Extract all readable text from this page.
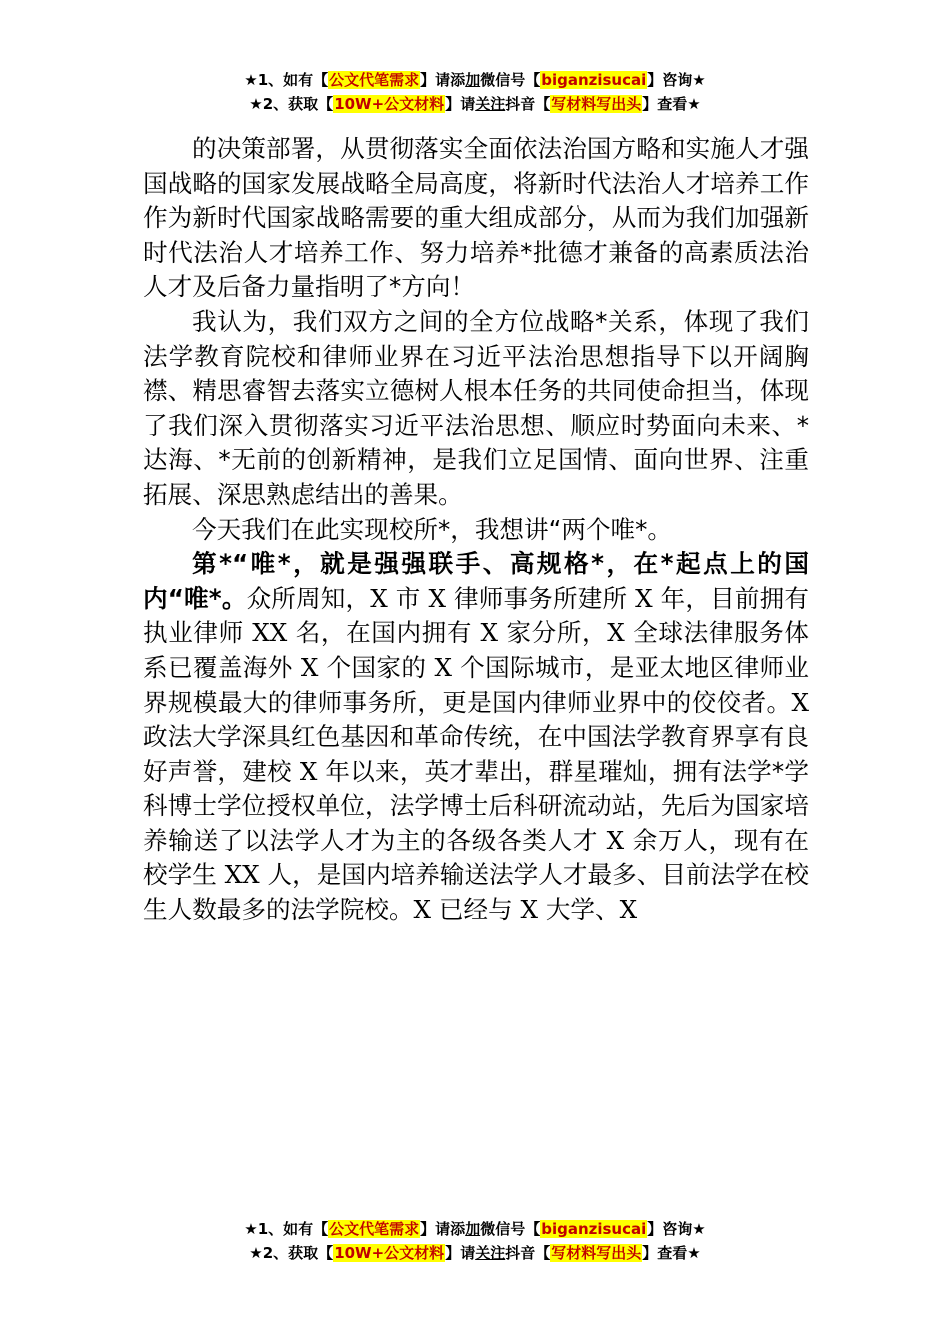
★1、如有【公文代笔需求】请添加微信号【biganzisucai】咨询★
★2、获取【10W+公文材料】请关注抖音【写材料写出头】查看★

的决策部署，从贯彻落实全面依法治国方略和实施人才强国战略的国家发展战略全局高度，将新时代法治人才培养工作作为新时代国家战略需要的重大组成部分，从而为我们加强新时代法治人才培养工作、努力培养*批德才兼备的高素质法治人才及后备力量指明了*方向！

我认为，我们双方之间的全方位战略*关系，体现了我们法学教育院校和律师业界在习近平法治思想指导下以开阔胸襟、精思睿智去落实立德树人根本任务的共同使命担当，体现了我们深入贯彻落实习近平法治思想、顺应时势面向未来、*达海、*无前的创新精神，是我们立足国情、面向世界、注重拓展、深思熟虑结出的善果。

今天我们在此实现校所*，我想讲“两个唯*。

第*“唯*，就是强强联手、高规格*，在*起点上的国内“唯*。众所周知，X 市 X 律师事务所建所 X 年，目前拥有执业律师 XX 名，在国内拥有 X 家分所，X 全球法律服务体系已覆盖海外 X 个国家的 X 个国际城市，是亚太地区律师业界规模最大的律师事务所，更是国内律师业界中的佼佼者。X 政法大学深具红色基因和革命传统，在中国法学教育界享有良好声誉，建校 X 年以来，英才辈出，群星璀灿，拥有法学*学科博士学位授权单位，法学博士后科研流动站，先后为国家培养输送了以法学人才为主的各级各类人才 X 余万人，现有在校学生 XX 人，是国内培养输送法学人才最多、目前法学在校生人数最多的法学院校。X 已经与 X 大学、X

★1、如有【公文代笔需求】请添加微信号【biganzisucai】咨询★
★2、获取【10W+公文材料】请关注抖音【写材料写出头】查看★
